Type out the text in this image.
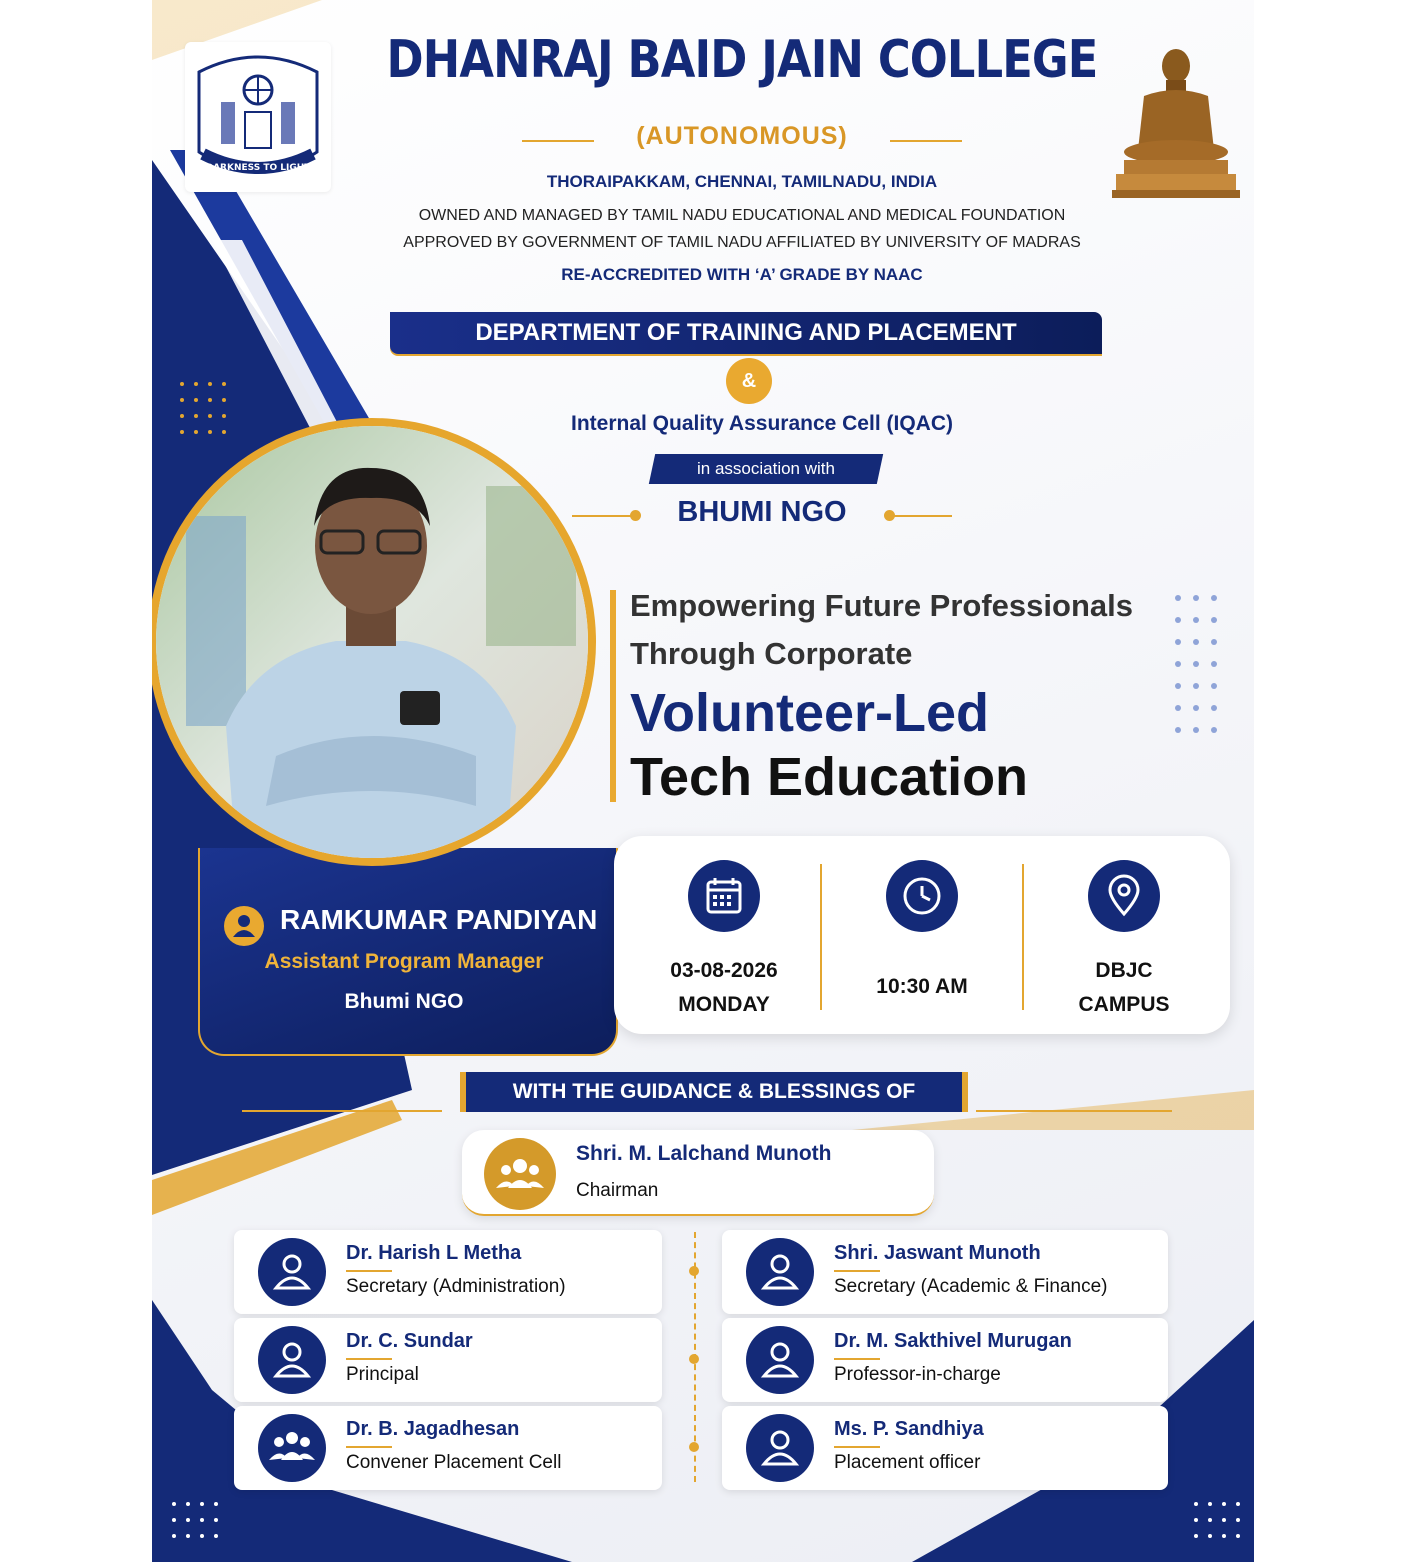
DARKNESS TO LIGHT
DHANRAJ BAID JAIN COLLEGE
(AUTONOMOUS)
THORAIPAKKAM, CHENNAI, TAMILNADU, INDIA
OWNED AND MANAGED BY TAMIL NADU EDUCATIONAL AND MEDICAL FOUNDATION
APPROVED BY GOVERNMENT OF TAMIL NADU AFFILIATED BY UNIVERSITY OF MADRAS
RE-ACCREDITED WITH ‘A’ GRADE BY NAAC
DEPARTMENT OF TRAINING AND PLACEMENT
&
Internal Quality Assurance Cell (IQAC)
in association with
BHUMI NGO
Empowering Future Professionals
Through Corporate
Volunteer-Led
Tech Education
RAMKUMAR PANDIYAN
Assistant Program Manager
Bhumi NGO
03-08-2026
MONDAY
10:30 AM
DBJC
CAMPUS
WITH THE GUIDANCE & BLESSINGS OF
Shri. M. Lalchand Munoth
Chairman
Dr. Harish L Metha
Secretary (Administration)
Shri. Jaswant Munoth
Secretary (Academic & Finance)
Dr. C. Sundar
Principal
Dr. M. Sakthivel Murugan
Professor-in-charge
Dr. B. Jagadhesan
Convener Placement Cell
Ms. P. Sandhiya
Placement officer
